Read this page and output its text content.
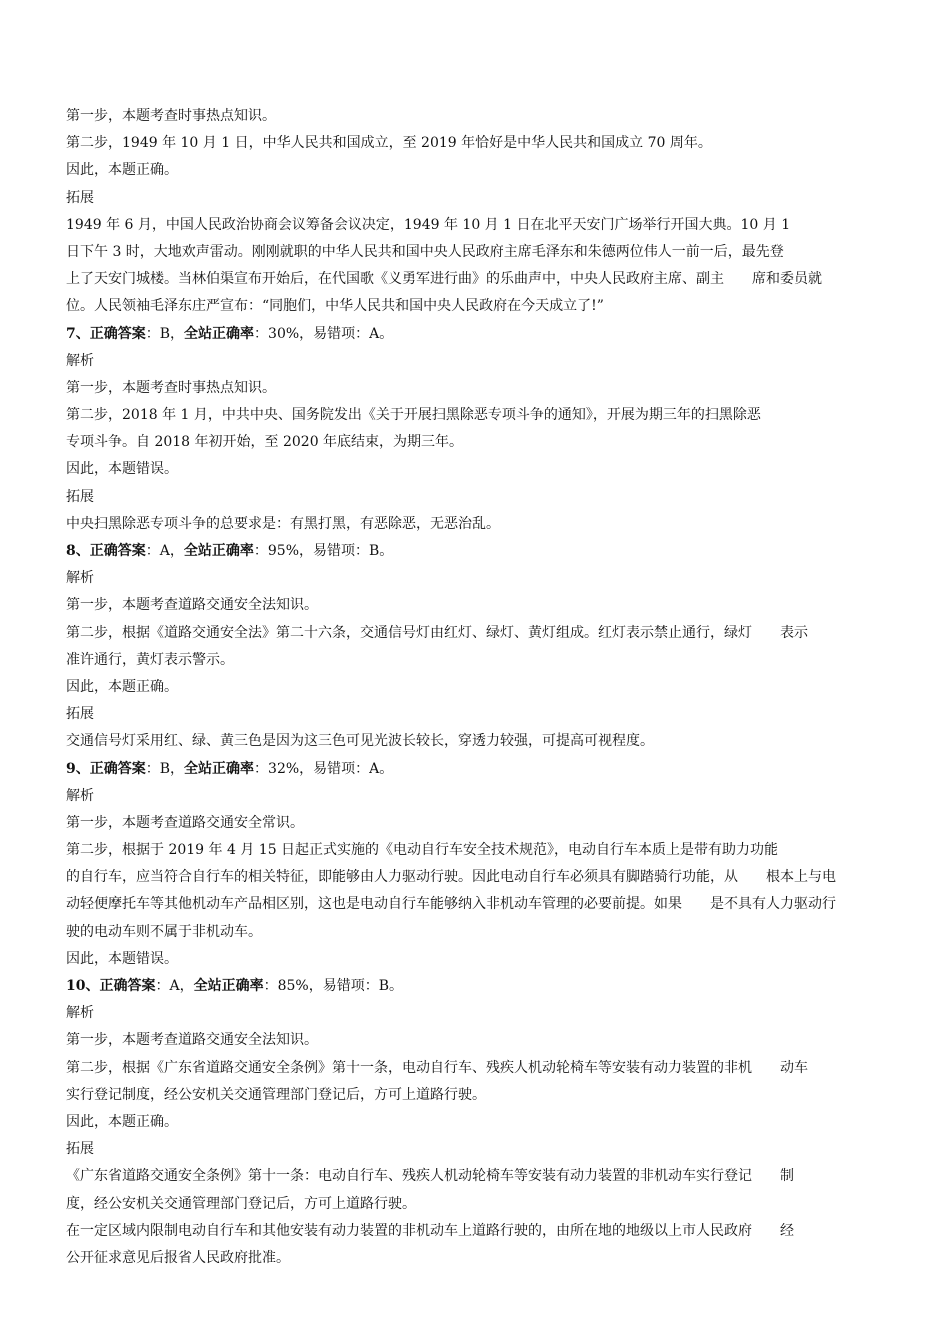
第一步，本题考查时事热点知识。
第二步，1949 年 10 月 1 日，中华人民共和国成立，至 2019 年恰好是中华人民共和国成立 70 周年。
因此，本题正确。
拓展
1949 年 6 月，中国人民政治协商会议筹备会议决定，1949 年 10 月 1 日在北平天安门广场举行开国大典。10 月 1
日下午 3 时，大地欢声雷动。刚刚就职的中华人民共和国中央人民政府主席毛泽东和朱德两位伟人一前一后，最先登
上了天安门城楼。当林伯渠宣布开始后，在代国歌《义勇军进行曲》的乐曲声中，中央人民政府主席、副主　　席和委员就
位。人民领袖毛泽东庄严宣布：“同胞们，中华人民共和国中央人民政府在今天成立了!”
7、正确答案：B，全站正确率：30%，易错项：A。
解析
第一步，本题考查时事热点知识。
第二步，2018 年 1 月，中共中央、国务院发出《关于开展扫黑除恶专项斗争的通知》，开展为期三年的扫黑除恶
专项斗争。自 2018 年初开始，至 2020 年底结束，为期三年。
因此，本题错误。
拓展
中央扫黑除恶专项斗争的总要求是：有黑打黑，有恶除恶，无恶治乱。
8、正确答案：A，全站正确率：95%，易错项：B。
解析
第一步，本题考查道路交通安全法知识。
第二步，根据《道路交通安全法》第二十六条，交通信号灯由红灯、绿灯、黄灯组成。红灯表示禁止通行，绿灯　　表示
准许通行，黄灯表示警示。
因此，本题正确。
拓展
交通信号灯采用红、绿、黄三色是因为这三色可见光波长较长，穿透力较强，可提高可视程度。
9、正确答案：B，全站正确率：32%，易错项：A。
解析
第一步，本题考查道路交通安全常识。
第二步，根据于 2019 年 4 月 15 日起正式实施的《电动自行车安全技术规范》，电动自行车本质上是带有助力功能
的自行车，应当符合自行车的相关特征，即能够由人力驱动行驶。因此电动自行车必须具有脚踏骑行功能，从　　根本上与电
动轻便摩托车等其他机动车产品相区别，这也是电动自行车能够纳入非机动车管理的必要前提。如果　　是不具有人力驱动行
驶的电动车则不属于非机动车。
因此，本题错误。
10、正确答案：A，全站正确率：85%，易错项：B。
解析
第一步，本题考查道路交通安全法知识。
第二步，根据《广东省道路交通安全条例》第十一条，电动自行车、残疾人机动轮椅车等安装有动力装置的非机　　动车
实行登记制度，经公安机关交通管理部门登记后，方可上道路行驶。
因此，本题正确。
拓展
《广东省道路交通安全条例》第十一条：电动自行车、残疾人机动轮椅车等安装有动力装置的非机动车实行登记　　制
度，经公安机关交通管理部门登记后，方可上道路行驶。
在一定区域内限制电动自行车和其他安装有动力装置的非机动车上道路行驶的，由所在地的地级以上市人民政府　　经
公开征求意见后报省人民政府批准。
